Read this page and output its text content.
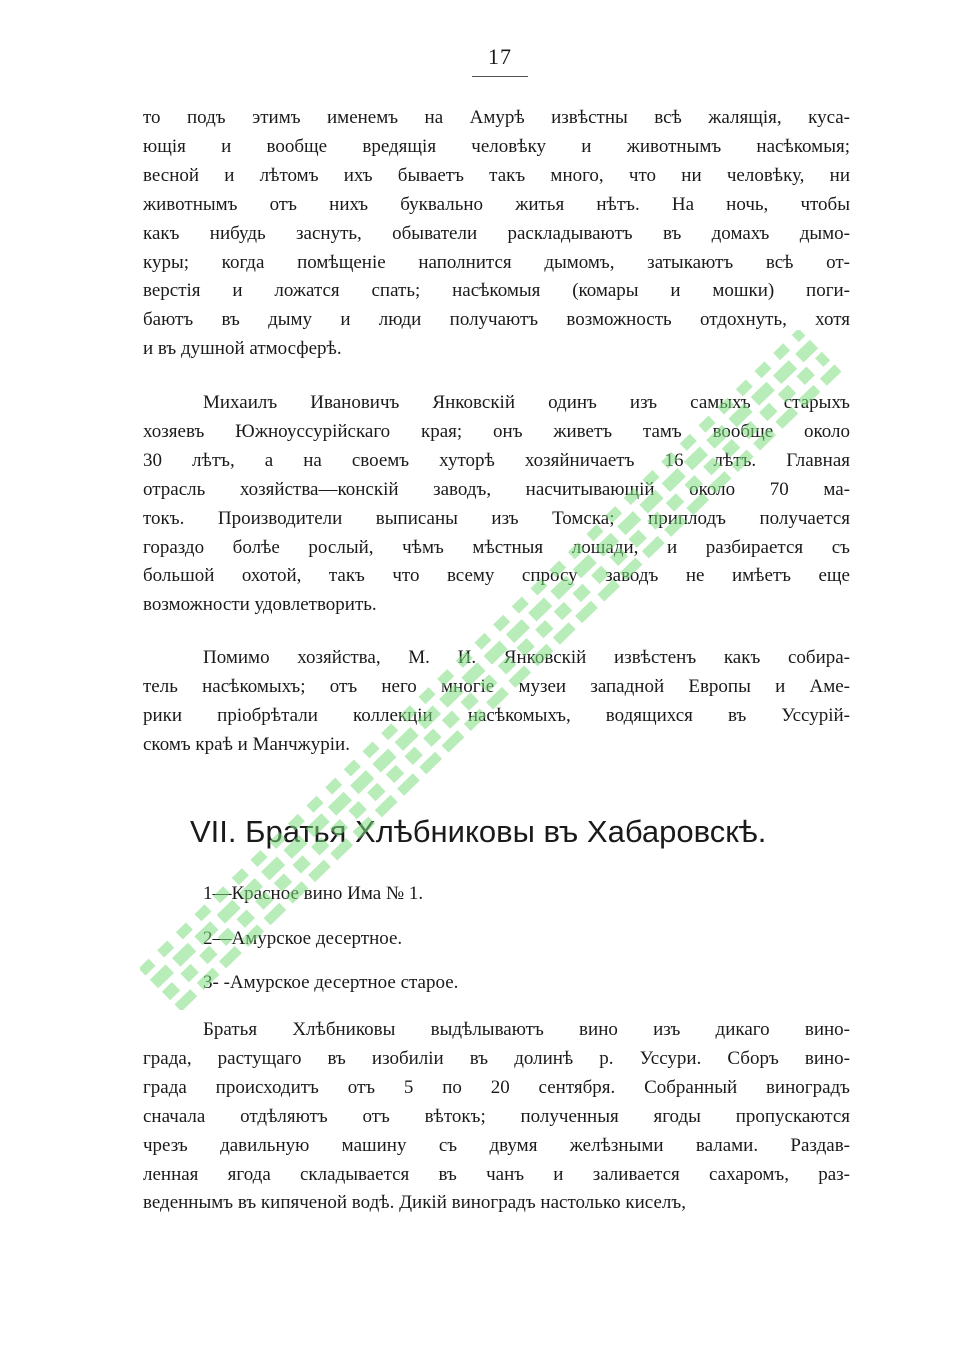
17

то подъ этимъ именемъ на Амурѣ извѣстны всѣ жалящія, куса-
ющія и вообще вредящія человѣку и животнымъ насѣкомыя;
весной и лѣтомъ ихъ бываетъ такъ много, что ни человѣку, ни
животнымъ отъ нихъ буквально житья нѣтъ. На ночь, чтобы
какъ нибудь заснуть, обыватели раскладываютъ въ домахъ дымо-
куры; когда помѣщеніе наполнится дымомъ, затыкаютъ всѣ от-
верстія и ложатся спать; насѣкомыя (комары и мошки) поги-
баютъ въ дыму и люди получаютъ возможность отдохнуть, хотя
и въ душной атмосферѣ.

Михаилъ Ивановичъ Янковскій одинъ изъ самыхъ старыхъ
хозяевъ Южноуссурійскаго края; онъ живетъ тамъ вообще около
30 лѣтъ, а на своемъ хуторѣ хозяйничаетъ 16 лѣтъ. Главная
отрасль хозяйства—конскій заводъ, насчитывающій около 70 ма-
токъ. Производители выписаны изъ Томска; приплодъ получается
гораздо болѣе рослый, чѣмъ мѣстныя лошади, и разбирается съ
большой охотой, такъ что всему спросу заводъ не имѣетъ еще
возможности удовлетворить.

Помимо хозяйства, М. И. Янковскій извѣстенъ какъ собира-
тель насѣкомыхъ; отъ него многіе музеи западной Европы и Аме-
рики пріобрѣтали коллекціи насѣкомыхъ, водящихся въ Уссурій-
скомъ краѣ и Манчжуріи.

VII. Братья Хлѣбниковы въ Хабаровскѣ.

1—Красное вино Има № 1.

2—Амурское десертное.

3- -Амурское десертное старое.

Братья Хлѣбниковы выдѣлываютъ вино изъ дикаго вино-
града, растущаго въ изобиліи въ долинѣ р. Уссури. Сборъ вино-
града происходитъ отъ 5 по 20 сентября. Собранный виноградъ
сначала отдѣляютъ отъ вѣтокъ; полученныя ягоды пропускаются
чрезъ давильную машину съ двумя желѣзными валами. Раздав-
ленная ягода складывается въ чанъ и заливается сахаромъ, раз-
веденнымъ въ кипяченой водѣ. Дикій виноградъ настолько киселъ,
